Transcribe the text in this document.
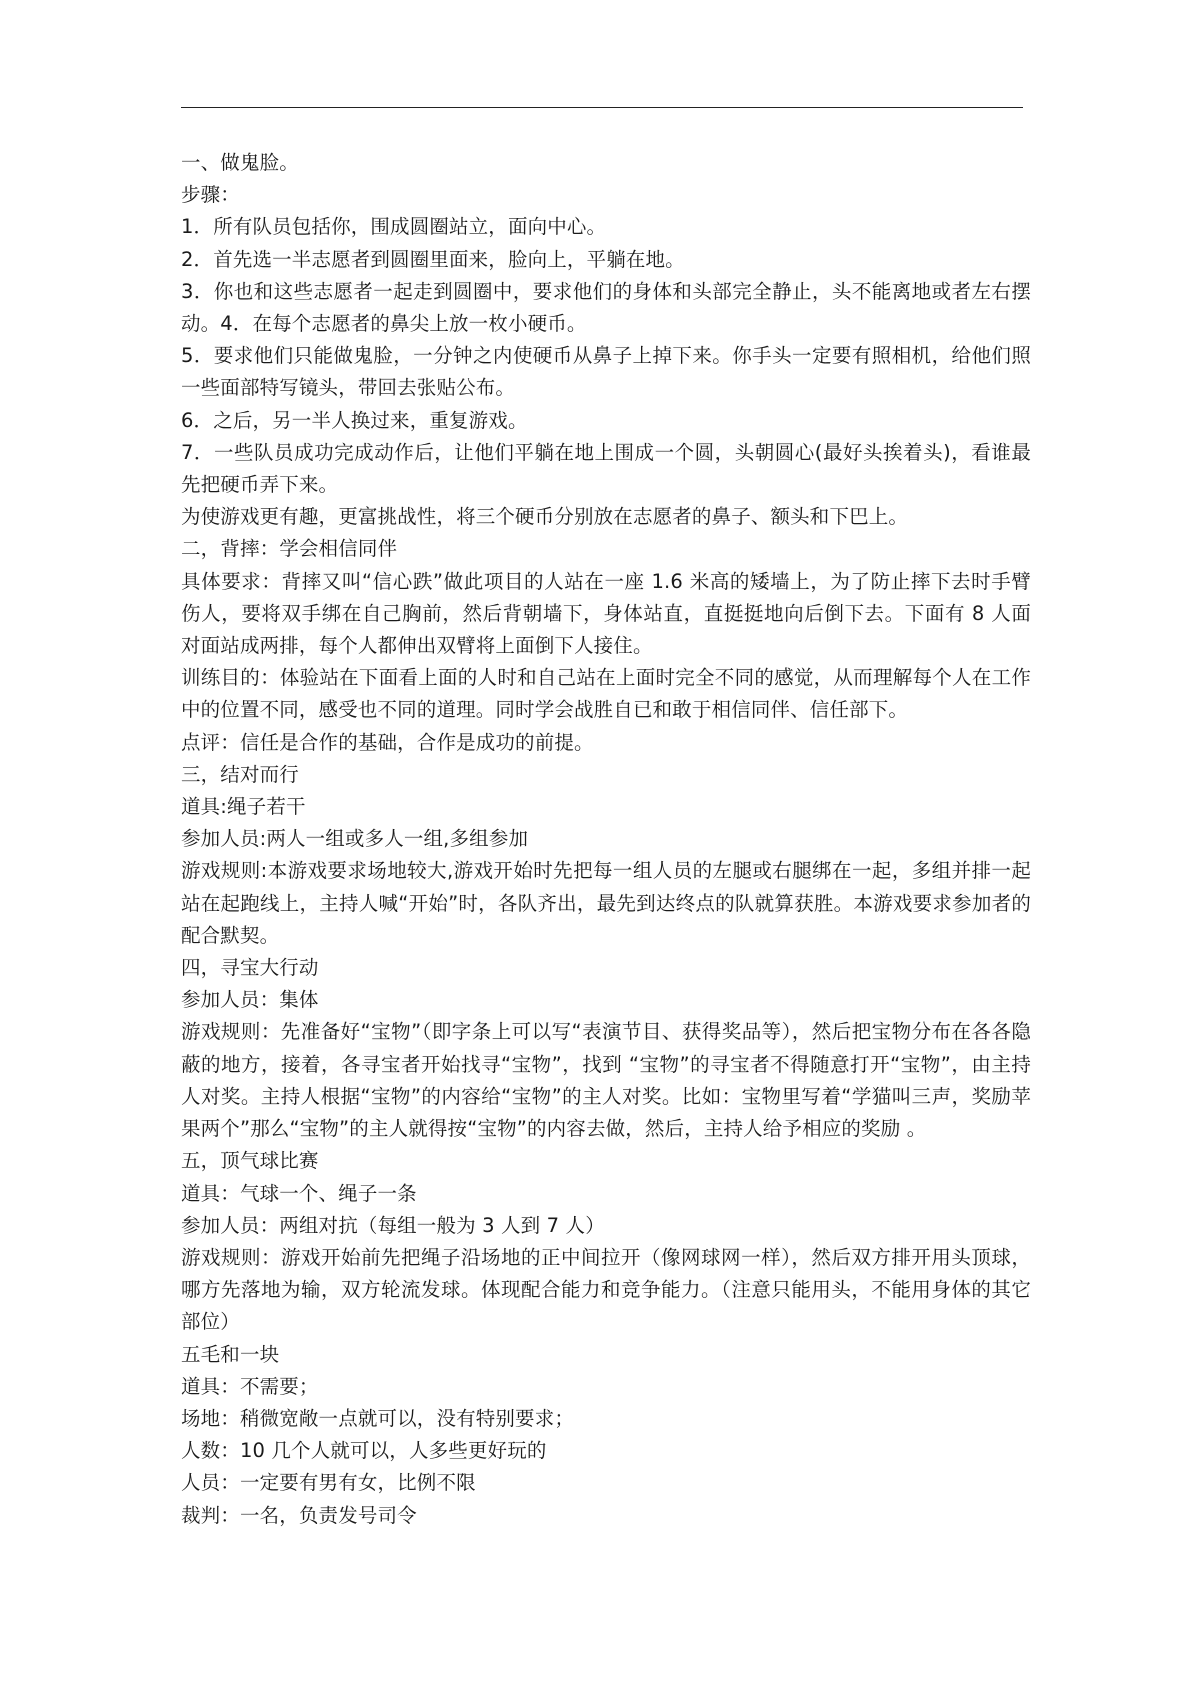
一、做鬼脸。

步骤：

1．所有队员包括你，围成圆圈站立，面向中心。

2．首先选一半志愿者到圆圈里面来，脸向上，平躺在地。

3．你也和这些志愿者一起走到圆圈中，要求他们的身体和头部完全静止，头不能离地或者左右摆动。4．在每个志愿者的鼻尖上放一枚小硬币。

5．要求他们只能做鬼脸，一分钟之内使硬币从鼻子上掉下来。你手头一定要有照相机，给他们照一些面部特写镜头，带回去张贴公布。

6．之后，另一半人换过来，重复游戏。

7．一些队员成功完成动作后，让他们平躺在地上围成一个圆，头朝圆心(最好头挨着头)，看谁最先把硬币弄下来。

为使游戏更有趣，更富挑战性，将三个硬币分别放在志愿者的鼻子、额头和下巴上。

二，背摔：学会相信同伴

具体要求：背摔又叫“信心跌”做此项目的人站在一座 1.6 米高的矮墙上，为了防止摔下去时手臂伤人，要将双手绑在自己胸前，然后背朝墙下，身体站直，直挺挺地向后倒下去。下面有 8 人面对面站成两排，每个人都伸出双臂将上面倒下人接住。

训练目的：体验站在下面看上面的人时和自己站在上面时完全不同的感觉，从而理解每个人在工作中的位置不同，感受也不同的道理。同时学会战胜自已和敢于相信同伴、信任部下。

点评：信任是合作的基础，合作是成功的前提。

三，结对而行

道具:绳子若干

参加人员:两人一组或多人一组,多组参加

游戏规则:本游戏要求场地较大,游戏开始时先把每一组人员的左腿或右腿绑在一起，多组并排一起站在起跑线上，主持人喊“开始”时，各队齐出，最先到达终点的队就算获胜。本游戏要求参加者的配合默契。

四，寻宝大行动

参加人员：集体

游戏规则：先准备好“宝物”（即字条上可以写“表演节目、获得奖品等），然后把宝物分布在各各隐蔽的地方，接着，各寻宝者开始找寻“宝物”，找到 “宝物”的寻宝者不得随意打开“宝物”，由主持人对奖。主持人根据“宝物”的内容给“宝物”的主人对奖。比如：宝物里写着“学猫叫三声，奖励苹果两个”那么“宝物”的主人就得按“宝物”的内容去做，然后，主持人给予相应的奖励 。

五，顶气球比赛

道具：气球一个、绳子一条

参加人员：两组对抗（每组一般为 3 人到 7 人）

游戏规则：游戏开始前先把绳子沿场地的正中间拉开（像网球网一样），然后双方排开用头顶球，哪方先落地为输，双方轮流发球。体现配合能力和竞争能力。（注意只能用头，不能用身体的其它部位）

五毛和一块

道具：不需要；

场地：稍微宽敞一点就可以，没有特别要求；

人数：10 几个人就可以，人多些更好玩的

人员：一定要有男有女，比例不限

裁判：一名，负责发号司令
